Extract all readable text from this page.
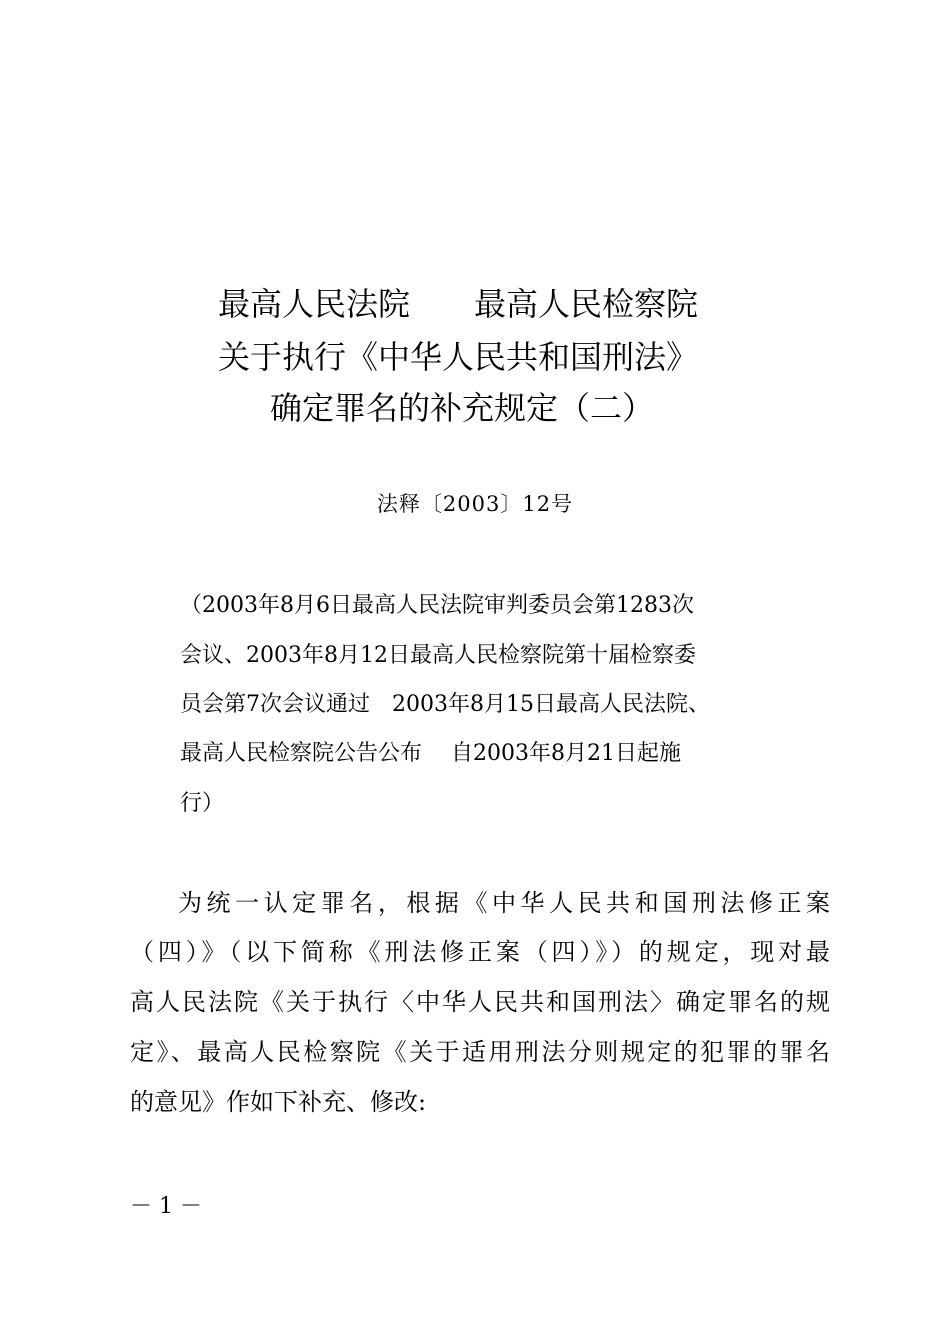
最高人民法院　　最高人民检察院
关于执行《中华人民共和国刑法》
确定罪名的补充规定（二）
法释〔2003〕12号
（2003年8月6日最高人民法院审判委员会第1283次
会议、2003年8月12日最高人民检察院第十届检察委
员会第7次会议通过　2003年8月15日最高人民法院、
最高人民检察院公告公布　 自2003年8月21日起施
行）
为统一认定罪名，根据《中华人民共和国刑法修正案
（四）》（以下简称《刑法修正案（四）》）的规定，现对最
高人民法院《关于执行〈中华人民共和国刑法〉确定罪名的规
定》、最高人民检察院《关于适用刑法分则规定的犯罪的罪名
的意见》作如下补充、修改:
－ 1 －
